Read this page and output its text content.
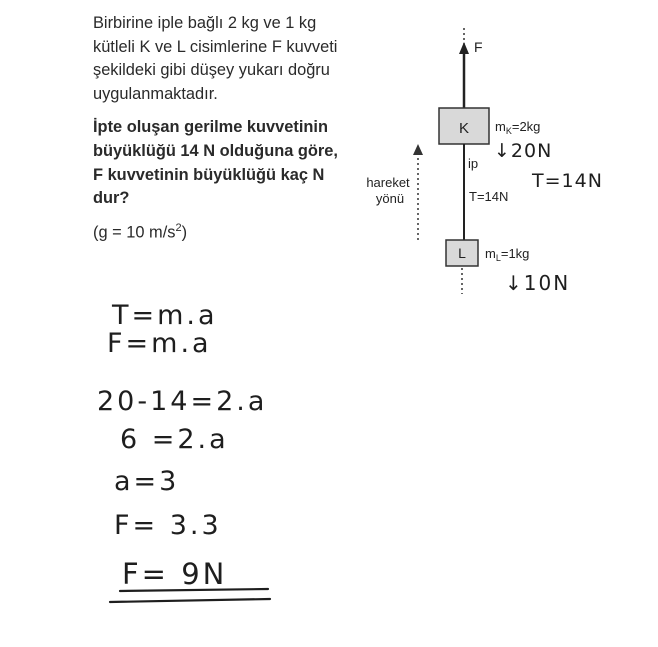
Birbirine iple bağlı 2 kg ve 1 kg kütleli K ve L cisimlerine F kuvveti şekildeki gibi düşey yukarı doğru uygulanmaktadır.

İpte oluşan gerilme kuvvetinin büyüklüğü 14 N olduğuna göre, F kuvvetinin büyüklüğü kaç N dur?

(g = 10 $m/s^2$)

F
K $m_K=2kg$
ip
T=14N
L $m_L=1kg$
hareket
yönü
↓20N
T=14N
↓10N
T=m.a
F=m.a
20-14=2.a
6 =2.a
a=3
F= 3.3
F= 9N
